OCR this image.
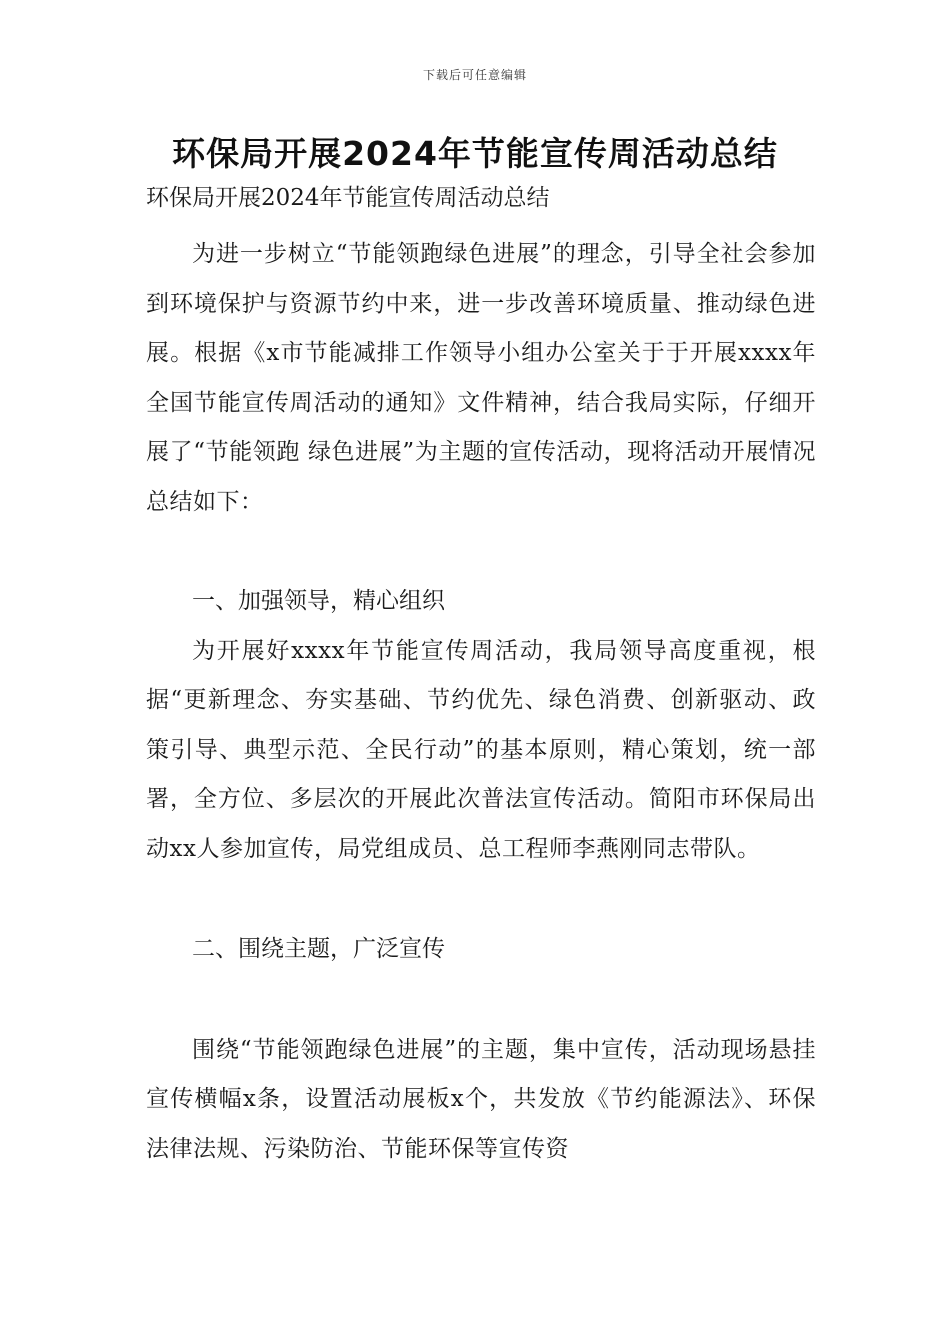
下载后可任意编辑
环保局开展2024年节能宣传周活动总结

环保局开展2024年节能宣传周活动总结

为进一步树立“节能领跑绿色进展”的理念，引导全社会参加到环境保护与资源节约中来，进一步改善环境质量、推动绿色进展。根据《x市节能减排工作领导小组办公室关于于开展xxxx年全国节能宣传周活动的通知》文件精神，结合我局实际，仔细开展了“节能领跑 绿色进展”为主题的宣传活动，现将活动开展情况总结如下：

一、加强领导，精心组织

为开展好xxxx年节能宣传周活动，我局领导高度重视，根据“更新理念、夯实基础、节约优先、绿色消费、创新驱动、政策引导、典型示范、全民行动”的基本原则，精心策划，统一部署，全方位、多层次的开展此次普法宣传活动。简阳市环保局出动xx人参加宣传，局党组成员、总工程师李燕刚同志带队。

二、围绕主题，广泛宣传

围绕“节能领跑绿色进展”的主题，集中宣传，活动现场悬挂宣传横幅x条，设置活动展板x个，共发放《节约能源法》、环保法律法规、污染防治、节能环保等宣传资
